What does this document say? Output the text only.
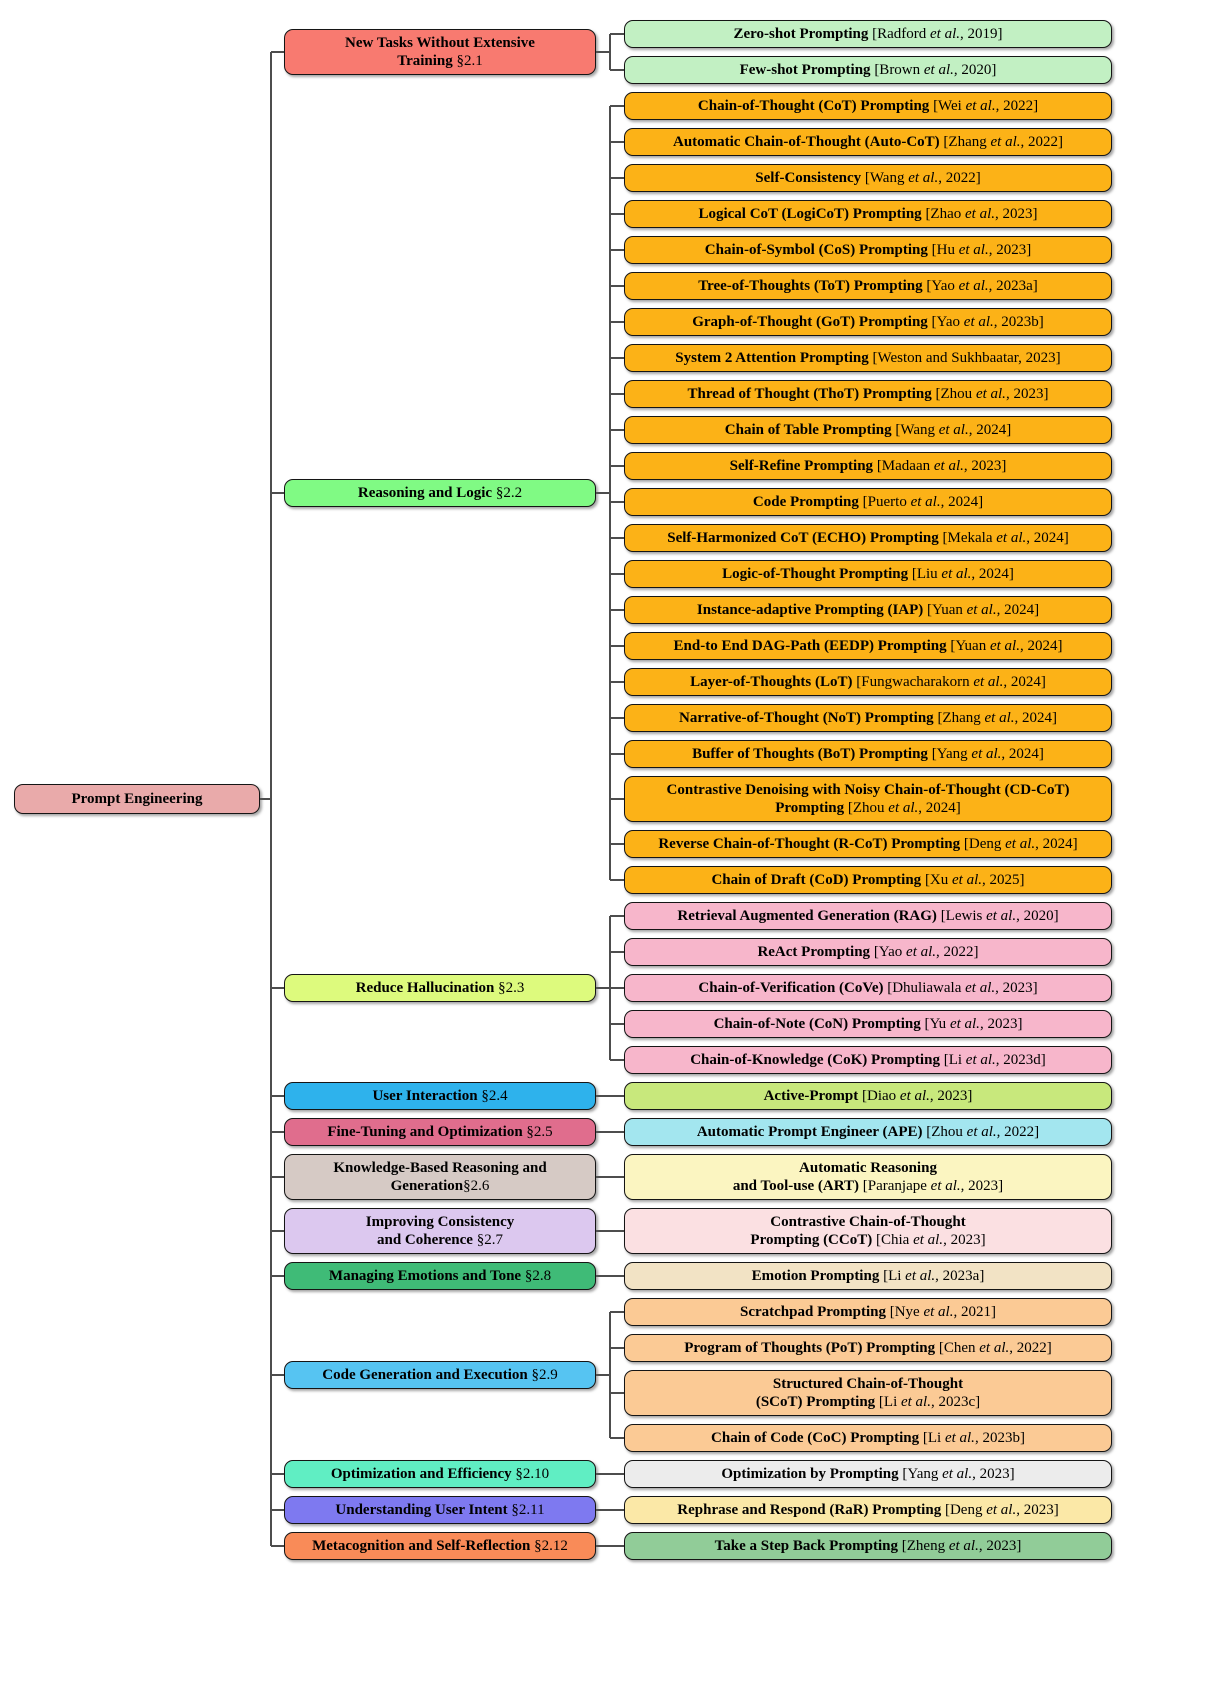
Prompt Engineering
New Tasks Without Extensive
Training §2.1
Zero-shot Prompting [Radford et al., 2019]
Few-shot Prompting [Brown et al., 2020]
Reasoning and Logic §2.2
Chain-of-Thought (CoT) Prompting [Wei et al., 2022]
Automatic Chain-of-Thought (Auto-CoT) [Zhang et al., 2022]
Self-Consistency [Wang et al., 2022]
Logical CoT (LogiCoT) Prompting [Zhao et al., 2023]
Chain-of-Symbol (CoS) Prompting [Hu et al., 2023]
Tree-of-Thoughts (ToT) Prompting [Yao et al., 2023a]
Graph-of-Thought (GoT) Prompting [Yao et al., 2023b]
System 2 Attention Prompting [Weston and Sukhbaatar, 2023]
Thread of Thought (ThoT) Prompting [Zhou et al., 2023]
Chain of Table Prompting [Wang et al., 2024]
Self-Refine Prompting [Madaan et al., 2023]
Code Prompting [Puerto et al., 2024]
Self-Harmonized CoT (ECHO) Prompting [Mekala et al., 2024]
Logic-of-Thought Prompting [Liu et al., 2024]
Instance-adaptive Prompting (IAP) [Yuan et al., 2024]
End-to End DAG-Path (EEDP) Prompting [Yuan et al., 2024]
Layer-of-Thoughts (LoT) [Fungwacharakorn et al., 2024]
Narrative-of-Thought (NoT) Prompting [Zhang et al., 2024]
Buffer of Thoughts (BoT) Prompting [Yang et al., 2024]
Contrastive Denoising with Noisy Chain-of-Thought (CD-CoT)
Prompting [Zhou et al., 2024]
Reverse Chain-of-Thought (R-CoT) Prompting [Deng et al., 2024]
Chain of Draft (CoD) Prompting [Xu et al., 2025]
Reduce Hallucination §2.3
Retrieval Augmented Generation (RAG) [Lewis et al., 2020]
ReAct Prompting [Yao et al., 2022]
Chain-of-Verification (CoVe) [Dhuliawala et al., 2023]
Chain-of-Note (CoN) Prompting [Yu et al., 2023]
Chain-of-Knowledge (CoK) Prompting [Li et al., 2023d]
User Interaction §2.4	Active-Prompt [Diao et al., 2023]
Fine-Tuning and Optimization §2.5	Automatic Prompt Engineer (APE) [Zhou et al., 2022]
Knowledge-Based Reasoning and
Generation§2.6
Automatic Reasoning
and Tool-use (ART) [Paranjape et al., 2023]
Improving Consistency
and Coherence §2.7
Contrastive Chain-of-Thought
Prompting (CCoT) [Chia et al., 2023]
Managing Emotions and Tone §2.8	Emotion Prompting [Li et al., 2023a]
Code Generation and Execution §2.9
Scratchpad Prompting [Nye et al., 2021]
Program of Thoughts (PoT) Prompting [Chen et al., 2022]
Structured Chain-of-Thought
(SCoT) Prompting [Li et al., 2023c]
Chain of Code (CoC) Prompting [Li et al., 2023b]
Optimization and Efficiency §2.10	Optimization by Prompting [Yang et al., 2023]
Understanding User Intent §2.11	Rephrase and Respond (RaR) Prompting [Deng et al., 2023]
Metacognition and Self-Reflection §2.12	Take a Step Back Prompting [Zheng et al., 2023]
